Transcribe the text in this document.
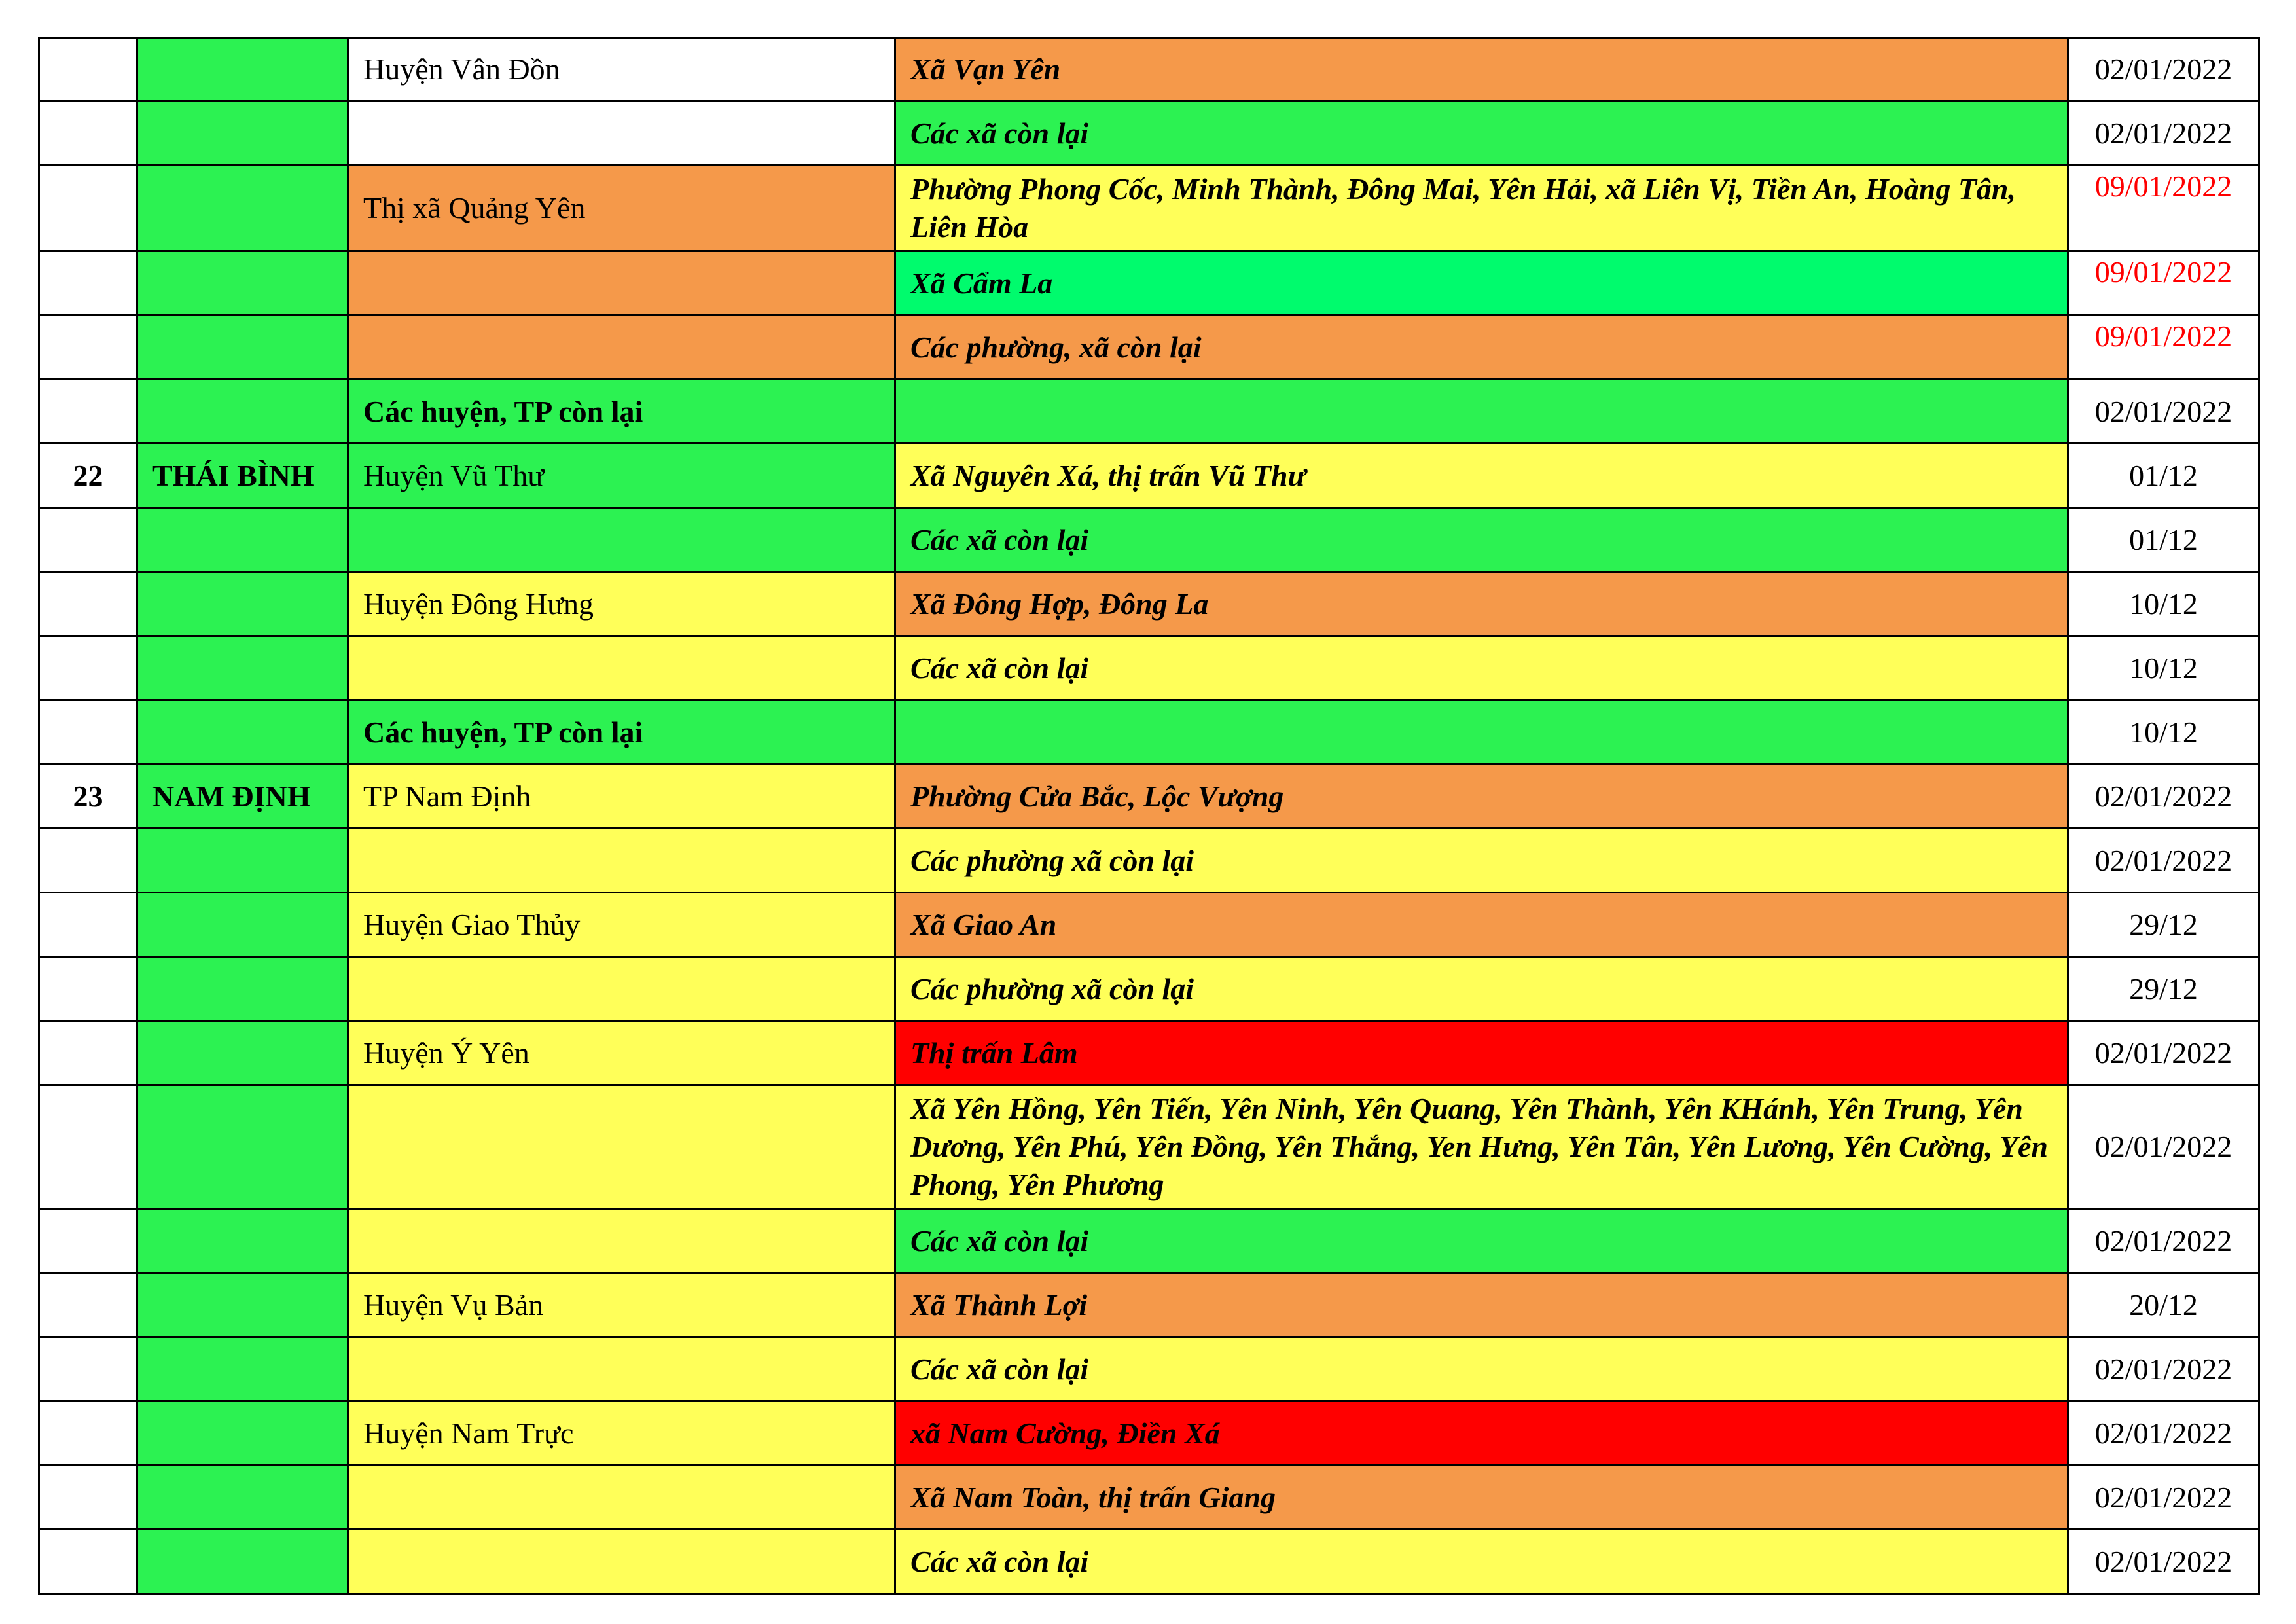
		Huyện Vân Đồn	Xã Vạn Yên	02/01/2022
			Các xã còn lại	02/01/2022
		Thị xã Quảng Yên	Phường Phong Cốc, Minh Thành, Đông Mai, Yên Hải, xã Liên Vị, Tiền An, Hoàng Tân, Liên Hòa	09/01/2022
			Xã Cẩm La	09/01/2022
			Các phường, xã còn lại	09/01/2022
		Các huyện, TP còn lại		02/01/2022
22	THÁI BÌNH	Huyện Vũ Thư	Xã Nguyên Xá, thị trấn Vũ Thư	01/12
			Các xã còn lại	01/12
		Huyện Đông Hưng	Xã Đông Hợp, Đông La	10/12
			Các xã còn lại	10/12
		Các huyện, TP còn lại		10/12
23	NAM ĐỊNH	TP Nam Định	Phường Cửa Bắc, Lộc Vượng	02/01/2022
			Các phường xã còn lại	02/01/2022
		Huyện Giao Thủy	Xã Giao An	29/12
			Các phường xã còn lại	29/12
		Huyện Ý Yên	Thị trấn Lâm	02/01/2022
			Xã Yên Hồng, Yên Tiến, Yên Ninh, Yên Quang, Yên Thành, Yên KHánh, Yên Trung, Yên Dương, Yên Phú, Yên Đồng, Yên Thắng, Yen Hưng, Yên Tân, Yên Lương, Yên Cường, Yên Phong, Yên Phương	02/01/2022
			Các xã còn lại	02/01/2022
		Huyện Vụ Bản	Xã Thành Lợi	20/12
			Các xã còn lại	02/01/2022
		Huyện Nam Trực	xã Nam Cường, Điền Xá	02/01/2022
			Xã Nam Toàn, thị trấn Giang	02/01/2022
			Các xã còn lại	02/01/2022
